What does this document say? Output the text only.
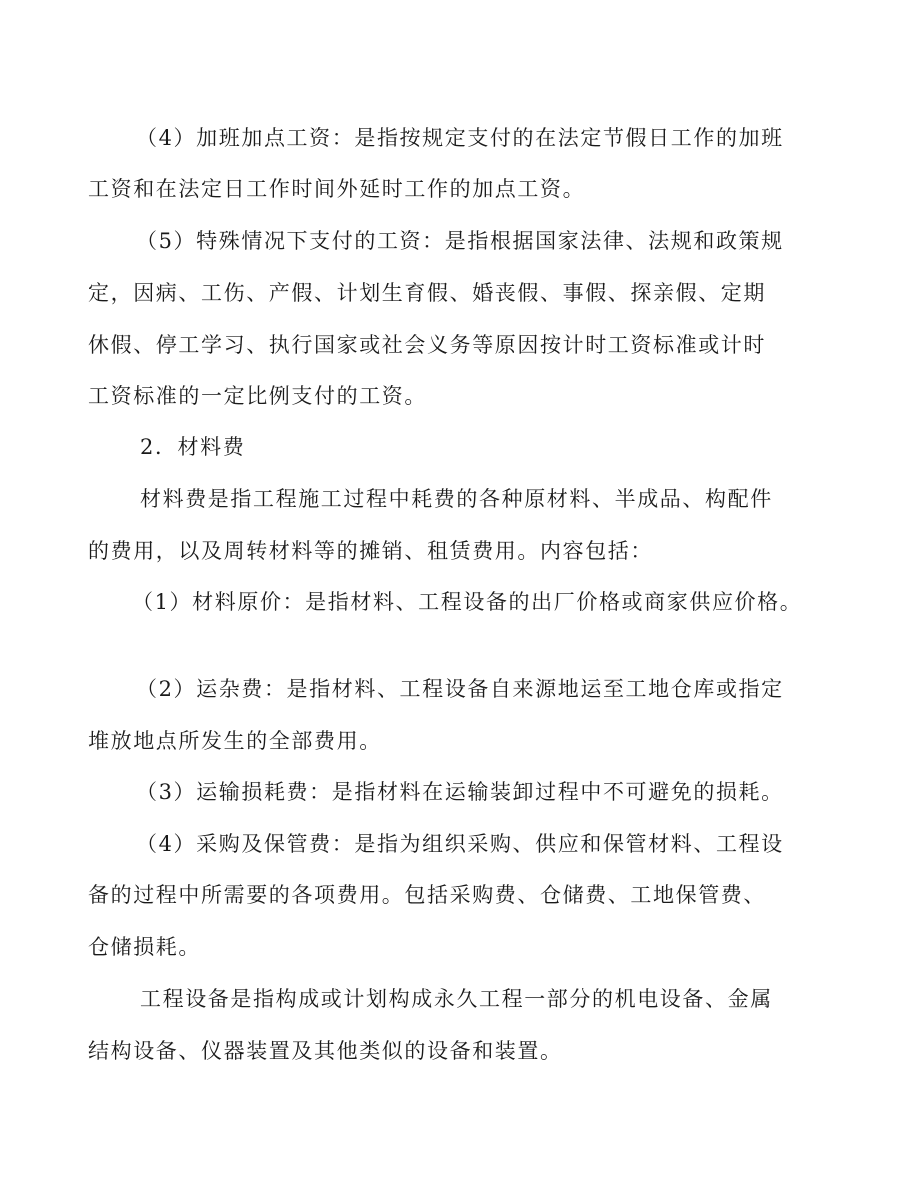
（4）加班加点工资：是指按规定支付的在法定节假日工作的加班

工资和在法定日工作时间外延时工作的加点工资。

（5）特殊情况下支付的工资：是指根据国家法律、法规和政策规

定，因病、工伤、产假、计划生育假、婚丧假、事假、探亲假、定期

休假、停工学习、执行国家或社会义务等原因按计时工资标准或计时

工资标准的一定比例支付的工资。

2．材料费

材料费是指工程施工过程中耗费的各种原材料、半成品、构配件

的费用，以及周转材料等的摊销、租赁费用。内容包括：

（1）材料原价：是指材料、工程设备的出厂价格或商家供应价格。

（2）运杂费：是指材料、工程设备自来源地运至工地仓库或指定

堆放地点所发生的全部费用。

（3）运输损耗费：是指材料在运输装卸过程中不可避免的损耗。

（4）采购及保管费：是指为组织采购、供应和保管材料、工程设

备的过程中所需要的各项费用。包括采购费、仓储费、工地保管费、

仓储损耗。

工程设备是指构成或计划构成永久工程一部分的机电设备、金属

结构设备、仪器装置及其他类似的设备和装置。
